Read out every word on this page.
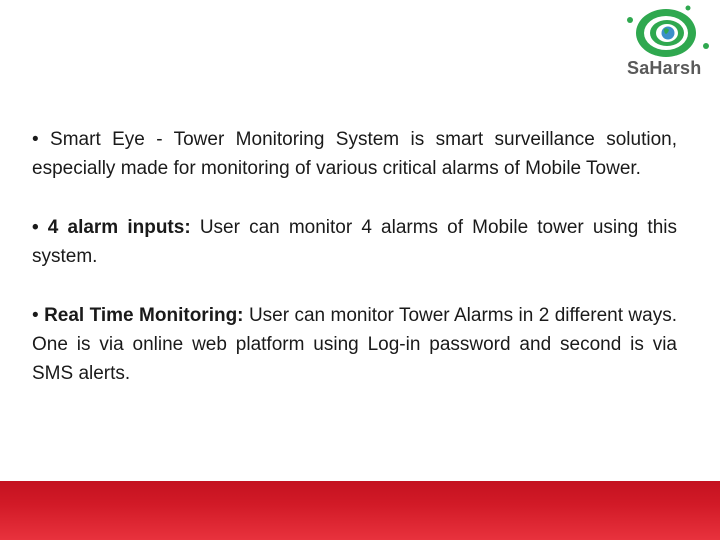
SaHarsh

• Smart Eye - Tower Monitoring System is smart surveillance solution, especially made for monitoring of various critical alarms of Mobile Tower.

• 4 alarm inputs: User can monitor 4 alarms of Mobile tower using this system.

• Real Time Monitoring: User can monitor Tower Alarms in 2 different ways. One is via online web platform using Log-in password and second is via SMS alerts.
